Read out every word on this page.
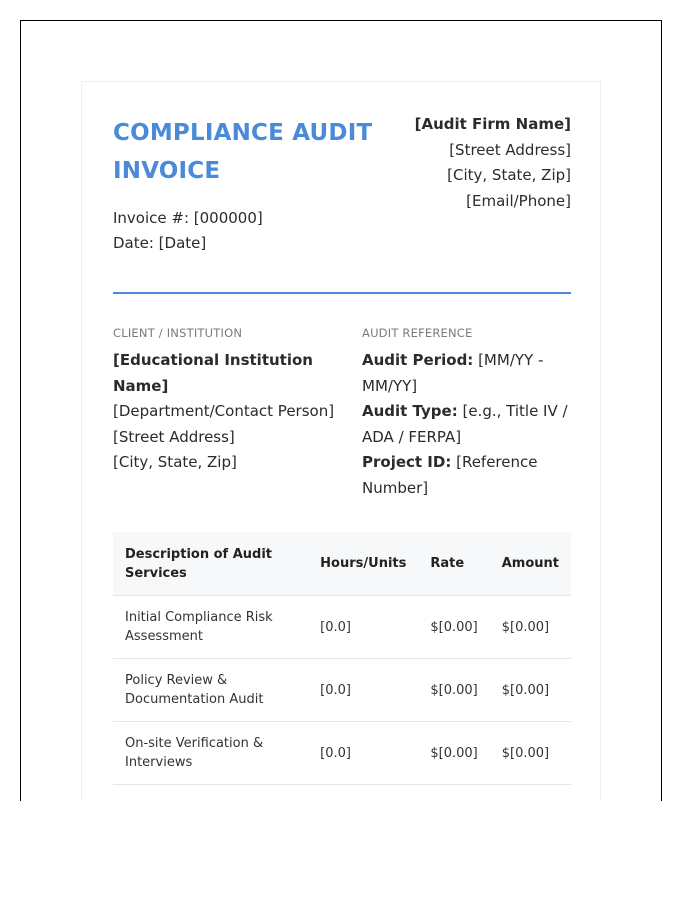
COMPLIANCE AUDIT INVOICE
Invoice #: [000000]
Date: [Date]
[Audit Firm Name]
[Street Address]
[City, State, Zip]
[Email/Phone]
CLIENT / INSTITUTION
[Educational Institution Name]
[Department/Contact Person]
[Street Address]
[City, State, Zip]
AUDIT REFERENCE
Audit Period: [MM/YY - MM/YY]
Audit Type: [e.g., Title IV / ADA / FERPA]
Project ID: [Reference Number]
Description of Audit Services	Hours/Units	Rate	Amount
Initial Compliance Risk Assessment	[0.0]	$[0.00]	$[0.00]
Policy Review & Documentation Audit	[0.0]	$[0.00]	$[0.00]
On-site Verification & Interviews	[0.0]	$[0.00]	$[0.00]
